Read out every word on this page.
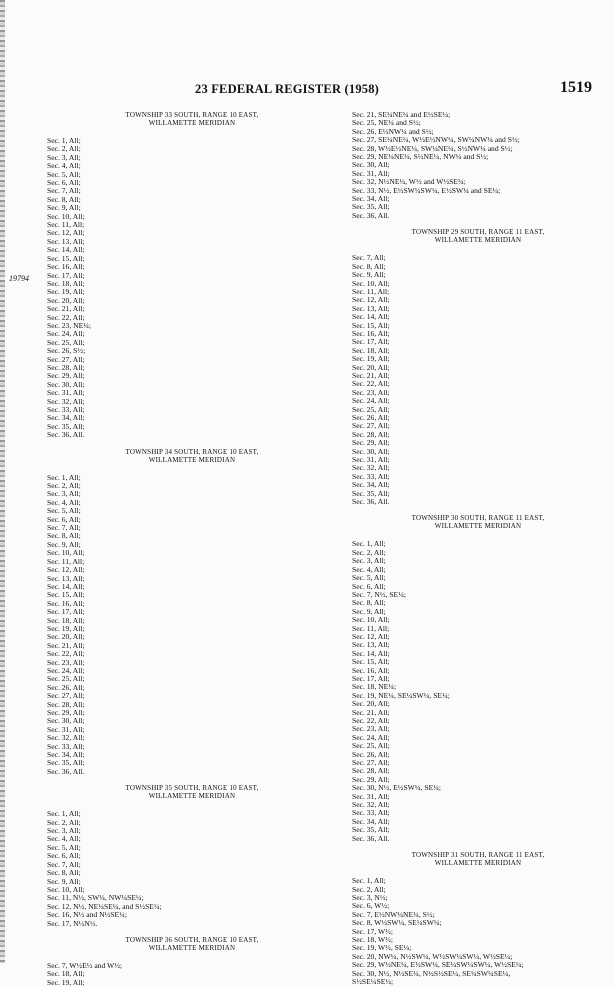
23 FEDERAL REGISTER (1958)	1519
19794
TOWNSHIP 33 SOUTH, RANGE 10 EAST,
WILLAMETTE MERIDIAN
Sec. 1, All;
Sec. 2, All;
Sec. 3, All;
Sec. 4, All;
Sec. 5, All;
Sec. 6, All;
Sec. 7, All;
Sec. 8, All;
Sec. 9, All;
Sec. 10, All;
Sec. 11, All;
Sec. 12, All;
Sec. 13, All;
Sec. 14, All;
Sec. 15, All;
Sec. 16, All;
Sec. 17, All;
Sec. 18, All;
Sec. 19, All;
Sec. 20, All;
Sec. 21, All;
Sec. 22, All;
Sec. 23, NE¼;
Sec. 24, All;
Sec. 25, All;
Sec. 26, S½;
Sec. 27, All;
Sec. 28, All;
Sec. 29, All;
Sec. 30, All;
Sec. 31, All;
Sec. 32, All;
Sec. 33, All;
Sec. 34, All;
Sec. 35, All;
Sec. 36, All.
TOWNSHIP 34 SOUTH, RANGE 10 EAST,
WILLAMETTE MERIDIAN
Sec. 1, All;
Sec. 2, All;
Sec. 3, All;
Sec. 4, All;
Sec. 5, All;
Sec. 6, All;
Sec. 7, All;
Sec. 8, All;
Sec. 9, All;
Sec. 10, All;
Sec. 11, All;
Sec. 12, All;
Sec. 13, All;
Sec. 14, All;
Sec. 15, All;
Sec. 16, All;
Sec. 17, All;
Sec. 18, All;
Sec. 19, All;
Sec. 20, All;
Sec. 21, All;
Sec. 22, All;
Sec. 23, All;
Sec. 24, All;
Sec. 25, All;
Sec. 26, All;
Sec. 27, All;
Sec. 28, All;
Sec. 29, All;
Sec. 30, All;
Sec. 31, All;
Sec. 32, All;
Sec. 33, All;
Sec. 34, All;
Sec. 35, All;
Sec. 36, All.
TOWNSHIP 35 SOUTH, RANGE 10 EAST,
WILLAMETTE MERIDIAN
Sec. 1, All;
Sec. 2, All;
Sec. 3, All;
Sec. 4, All;
Sec. 5, All;
Sec. 6, All;
Sec. 7, All;
Sec. 8, All;
Sec. 9, All;
Sec. 10, All;
Sec. 11, N½, SW¼, NW¼SE¼;
Sec. 12, N½, NE¼SE¼, and S½SE¼;
Sec. 16, N½ and N½SE¼;
Sec. 17, N½N½.
TOWNSHIP 36 SOUTH, RANGE 10 EAST,
WILLAMETTE MERIDIAN
Sec. 7, W½E½ and W½;
Sec. 18, All;
Sec. 19, All;
Sec. 21, SE¼NE¼ and E½SE¼;
Sec. 25, NE¼ and S½;
Sec. 26, E½NW¼ and S½;
Sec. 27, SE¼NE¼, W½E½NW¼, SW¼NW¼ and S½;
Sec. 28, W½E½NE¼, SW¼NE¼, S½NW¼ and S½;
Sec. 29, NE¼NE¼, S½NE¼, NW¼ and S½;
Sec. 30, All;
Sec. 31, All;
Sec. 32, N½NE¼, W½ and W½SE¼;
Sec. 33, N½, E½SW¼SW¼, E½SW¼ and SE¼;
Sec. 34, All;
Sec. 35, All;
Sec. 36, All.
TOWNSHIP 29 SOUTH, RANGE 11 EAST,
WILLAMETTE MERIDIAN
Sec. 7, All;
Sec. 8, All;
Sec. 9, All;
Sec. 10, All;
Sec. 11, All;
Sec. 12, All;
Sec. 13, All;
Sec. 14, All;
Sec. 15, All;
Sec. 16, All;
Sec. 17, All;
Sec. 18, All;
Sec. 19, All;
Sec. 20, All;
Sec. 21, All;
Sec. 22, All;
Sec. 23, All;
Sec. 24, All;
Sec. 25, All;
Sec. 26, All;
Sec. 27, All;
Sec. 28, All;
Sec. 29, All;
Sec. 30, All;
Sec. 31, All;
Sec. 32, All;
Sec. 33, All;
Sec. 34, All;
Sec. 35, All;
Sec. 36, All.
TOWNSHIP 30 SOUTH, RANGE 11 EAST,
WILLAMETTE MERIDIAN
Sec. 1, All;
Sec. 2, All;
Sec. 3, All;
Sec. 4, All;
Sec. 5, All;
Sec. 6, All;
Sec. 7, N½, SE¼;
Sec. 8, All;
Sec. 9, All;
Sec. 10, All;
Sec. 11, All;
Sec. 12, All;
Sec. 13, All;
Sec. 14, All;
Sec. 15, All;
Sec. 16, All;
Sec. 17, All;
Sec. 18, NE¼;
Sec. 19, NE¼, SE¼SW¼, SE¼;
Sec. 20, All;
Sec. 21, All;
Sec. 22, All;
Sec. 23, All;
Sec. 24, All;
Sec. 25, All;
Sec. 26, All;
Sec. 27, All;
Sec. 28, All;
Sec. 29, All;
Sec. 30, N½, E½SW¼, SE¼;
Sec. 31, All;
Sec. 32, All;
Sec. 33, All;
Sec. 34, All;
Sec. 35, All;
Sec. 36, All.
TOWNSHIP 31 SOUTH, RANGE 11 EAST,
WILLAMETTE MERIDIAN
Sec. 1, All;
Sec. 2, All;
Sec. 3, N½;
Sec. 6, W½;
Sec. 7, E½NW¼NE¼, S½;
Sec. 8, W½SW¼, SE¼SW¼;
Sec. 17, W½;
Sec. 18, W½;
Sec. 19, W½, SE¼;
Sec. 20, NW¼, N½SW¼, W½SW¼SW¼, W½SE¼;
Sec. 29, W½NE¼, E½SW¼, SE¼SW¼SW¼, W½SE¼;
Sec. 30, N½, N½SE¼, N½S½SE¼, SE¼SW¼SE¼,
S½SE¼SE¼;
